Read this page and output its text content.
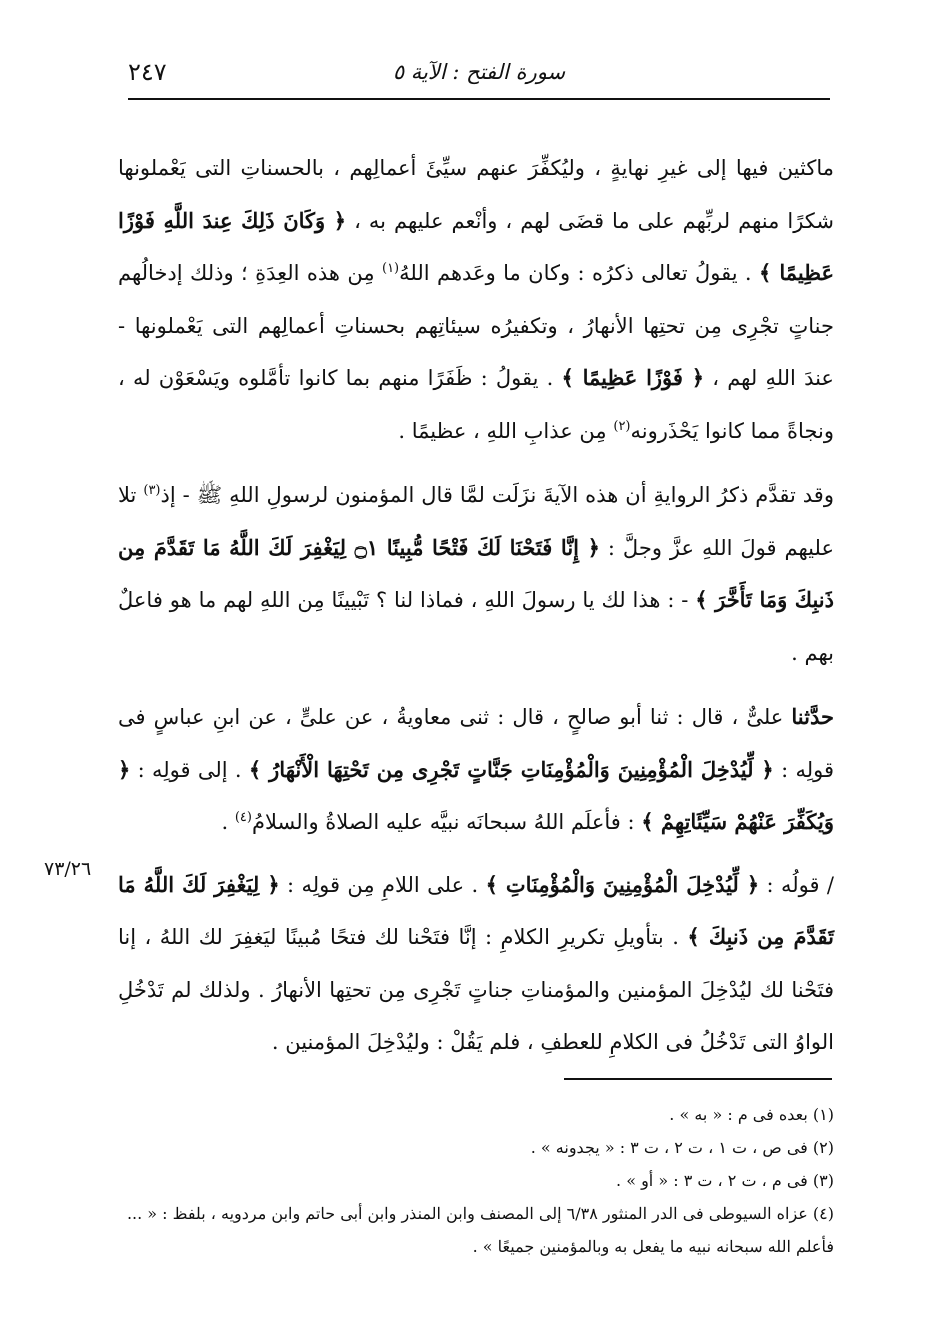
٢٤٧	سورة الفتح : الآية ٥

ماكثين فيها إلى غيرِ نهايةٍ ، وليُكفِّرَ عنهم سيِّئَ أعمالِهم ، بالحسناتِ التى يَعْملونها شكرًا منهم لربِّهم على ما قضَى لهم ، وأنْعم عليهم به ، ﴿ وَكَانَ ذَلِكَ عِندَ اللَّهِ فَوْزًا عَظِيمًا ﴾ . يقولُ تعالى ذكرُه : وكان ما وعَدهم اللهُ$^{(١)}$ مِن هذه العِدَةِ ؛ وذلك إدخالُهم جناتٍ تجْرِى مِن تحتِها الأنهارُ ، وتكفيرُه سيئاتِهم بحسناتِ أعمالِهم التى يَعْملونها - عندَ اللهِ لهم ، ﴿ فَوْزًا عَظِيمًا ﴾ . يقولُ : ظَفَرًا منهم بما كانوا تأمَّلوه ويَسْعَوْن له ، ونجاةً مما كانوا يَحْذَرونه$^{(٢)}$ مِن عذابِ اللهِ ، عظيمًا .

وقد تقدَّم ذكرُ الروايةِ أن هذه الآيةَ نزَلَت لمَّا قال المؤمنون لرسولِ اللهِ ﷺ - إذ$^{(٣)}$ تلا عليهم قولَ اللهِ عزَّ وجلَّ : ﴿ إِنَّا فَتَحْنَا لَكَ فَتْحًا مُّبِينًا ۝١ لِيَغْفِرَ لَكَ اللَّهُ مَا تَقَدَّمَ مِن ذَنبِكَ وَمَا تَأَخَّرَ ﴾ - : هذا لك يا رسولَ اللهِ ، فماذا لنا ؟ تَبْيينًا مِن اللهِ لهم ما هو فاعلٌ بهم .

حدَّثنا علىٌّ ، قال : ثنا أبو صالحٍ ، قال : ثنى معاويةُ ، عن علىٍّ ، عن ابنِ عباسٍ فى قولِه : ﴿ لِّيُدْخِلَ الْمُؤْمِنِينَ وَالْمُؤْمِنَاتِ جَنَّاتٍ تَجْرِى مِن تَحْتِهَا الْأَنْهَارُ ﴾ . إلى قولِه : ﴿ وَيُكَفِّرَ عَنْهُمْ سَيِّئَاتِهِمْ ﴾ : فأعلَم اللهُ سبحانَه نبيَّه عليه الصلاةُ والسلامُ$^{(٤)}$ .

/ قولُه : ﴿ لِّيُدْخِلَ الْمُؤْمِنِينَ وَالْمُؤْمِنَاتِ ﴾ . على اللامِ مِن قولِه : ﴿ لِيَغْفِرَ لَكَ اللَّهُ مَا تَقَدَّمَ مِن ذَنبِكَ ﴾ . بتأويلِ تكريرِ الكلامِ : إنَّا فتَحْنا لك فتحًا مُبينًا ليَغفِرَ لك اللهُ ، إنا فتَحْنا لك ليُدْخِلَ المؤمنين والمؤمناتِ جناتٍ تَجْرِى مِن تحتِها الأنهارُ . ولذلك لم تَدْخُلِ الواوُ التى تَدْخُلُ فى الكلامِ للعطفِ ، فلم يَقُلْ : وليُدْخِلَ المؤمنين .

٧٣/٢٦

(١) بعده فى م : « به » .

(٢) فى ص ، ت ١ ، ت ٢ ، ت ٣ : « يجدونه » .

(٣) فى م ، ت ٢ ، ت ٣ : « أو » .

(٤) عزاه السيوطى فى الدر المنثور ٦/٣٨ إلى المصنف وابن المنذر وابن أبى حاتم وابن مردويه ، بلفظ : « ... فأعلم الله سبحانه نبيه ما يفعل به وبالمؤمنين جميعًا » .
